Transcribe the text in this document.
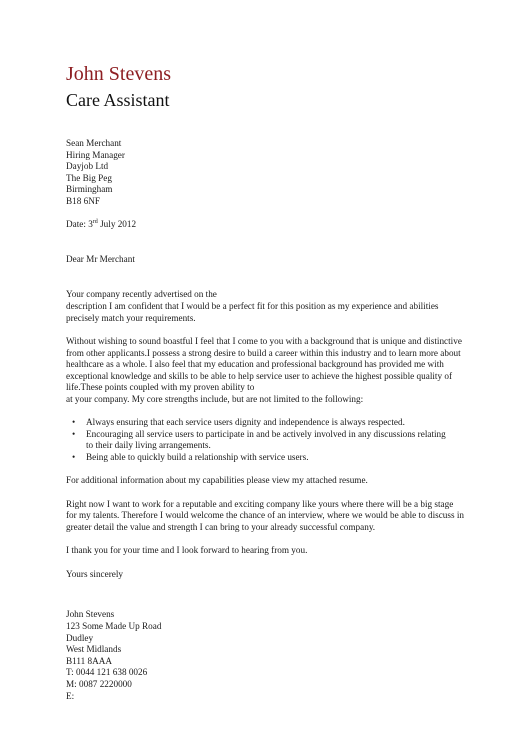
John Stevens
Care Assistant
Sean Merchant
Hiring Manager
Dayjob Ltd
The Big Peg
Birmingham
B18 6NF
Date: 3rd July 2012
Dear Mr Merchant
Your company recently advertised on the
description I am confident that I would be a perfect fit for this position as my experience and abilities
precisely match your requirements.
Without wishing to sound boastful I feel that I come to you with a background that is unique and distinctive
from other applicants.I possess a strong desire to build a career within this industry and to learn more about
healthcare as a whole. I also feel that my education and professional background has provided me with
exceptional knowledge and skills to be able to help service user to achieve the highest possible quality of
life.These points coupled with my proven ability to
at your company. My core strengths include, but are not limited to the following:
• Always ensuring that each service users dignity and independence is always respected.
• Encouraging all service users to participate in and be actively involved in any discussions relating
to their daily living arrangements.
• Being able to quickly build a relationship with service users.
For additional information about my capabilities please view my attached resume.
Right now I want to work for a reputable and exciting company like yours where there will be a big stage
for my talents. Therefore I would welcome the chance of an interview, where we would be able to discuss in
greater detail the value and strength I can bring to your already successful company.
I thank you for your time and I look forward to hearing from you.
Yours sincerely
John Stevens
123 Some Made Up Road
Dudley
West Midlands
B111 8AAA
T: 0044 121 638 0026
M: 0087 2220000
E:
